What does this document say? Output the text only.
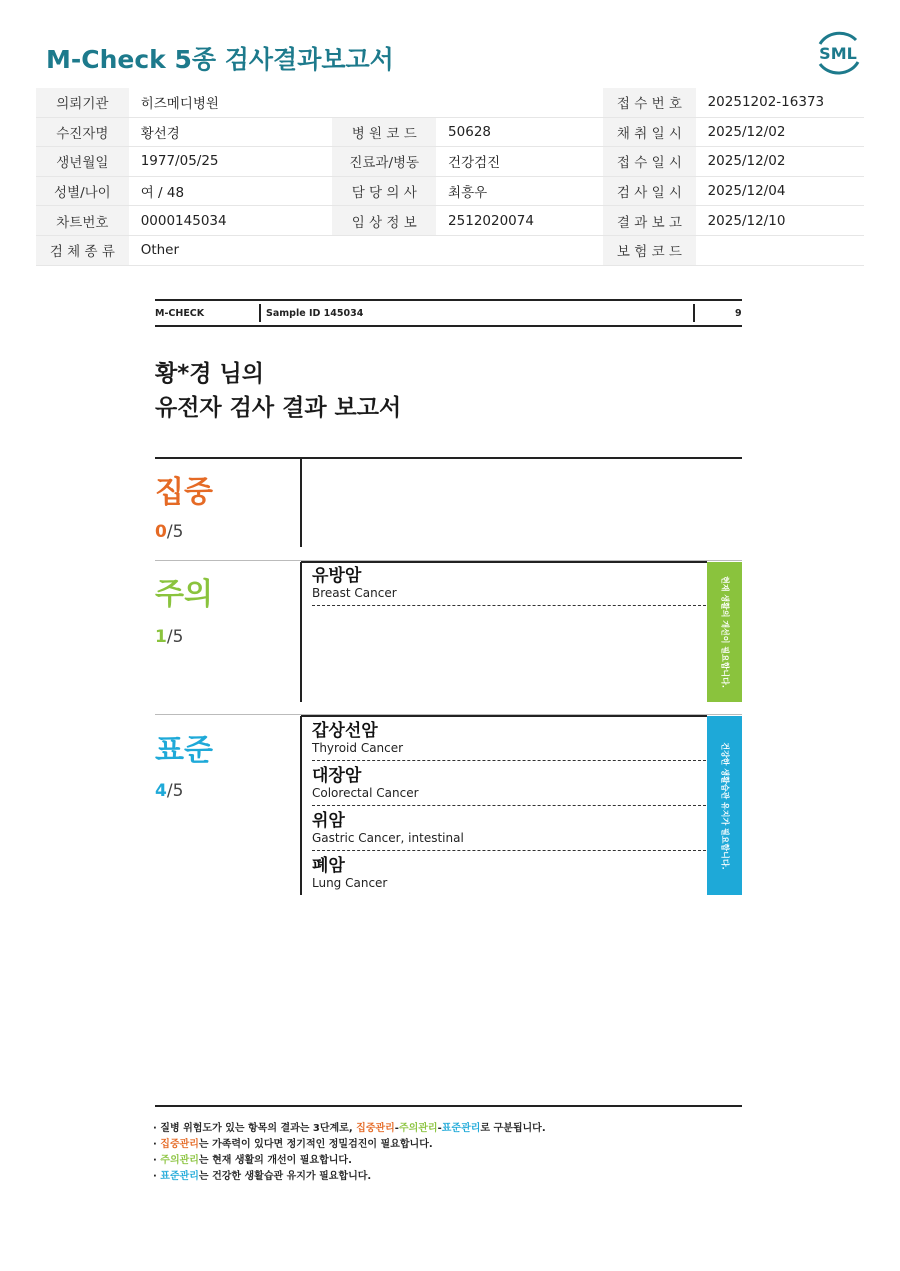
M-Check 5종 검사결과보고서	SML
의뢰기관	히즈메디병원			접 수 번 호	20251202-16373
수진자명	황선경	병 원 코 드	50628	채 취 일 시	2025/12/02
생년월일	1977/05/25	진료과/병동	건강검진	접 수 일 시	2025/12/02
성별/나이	여 / 48	담 당 의 사	최흥우	검 사 일 시	2025/12/04
차트번호	0000145034	임 상 정 보	2512020074	결 과 보 고	2025/12/10
검 체 종 류	Other			보 험 코 드	
M-CHECK	Sample ID 145034	9
황*경 님의
유전자 검사 결과 보고서
집중
0/5
주의
1/5
유방암
Breast Cancer	현재 생활의 개선이 필요합니다.
표준
4/5
갑상선암
Thyroid Cancer
대장암
Colorectal Cancer
위암
Gastric Cancer, intestinal
폐암
Lung Cancer
건강한 생활습관 유지가 필요합니다.
· 질병 위험도가 있는 항목의 결과는 3단계로, 집중관리-주의관리-표준관리로 구분됩니다.
· 집중관리는 가족력이 있다면 정기적인 정밀검진이 필요합니다.
· 주의관리는 현재 생활의 개선이 필요합니다.
· 표준관리는 건강한 생활습관 유지가 필요합니다.
